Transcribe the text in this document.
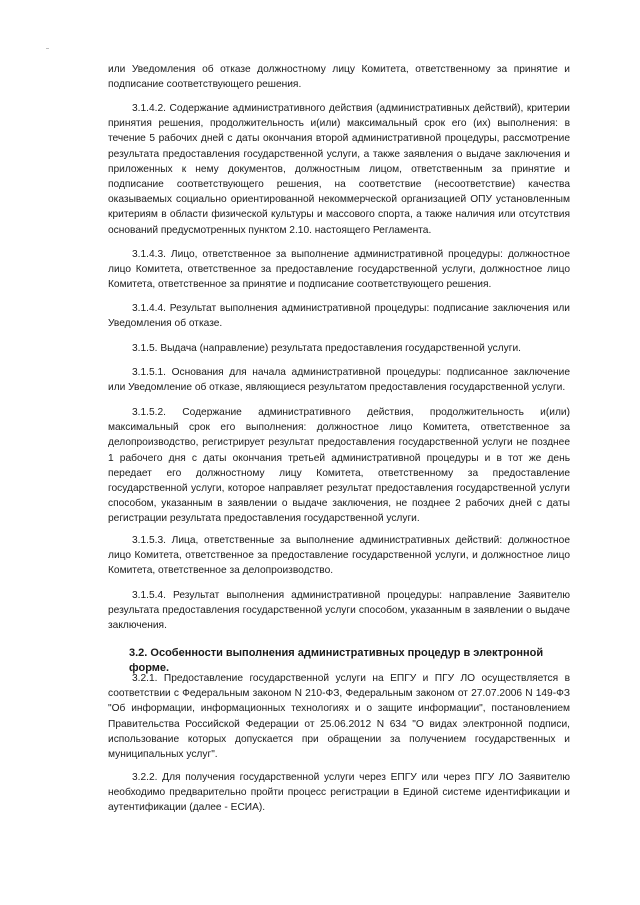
или Уведомления об отказе должностному лицу Комитета, ответственному за принятие и подписание соответствующего решения.

3.1.4.2. Содержание административного действия (административных действий), критерии принятия решения, продолжительность и(или) максимальный срок его (их) выполнения: в течение 5 рабочих дней с даты окончания второй административной процедуры, рассмотрение результата предоставления государственной услуги, а также заявления о выдаче заключения и приложенных к нему документов, должностным лицом, ответственным за принятие и подписание соответствующего решения, на соответствие (несоответствие) качества оказываемых социально ориентированной некоммерческой организацией ОПУ установленным критериям в области физической культуры и массового спорта, а также наличия или отсутствия оснований предусмотренных пунктом 2.10. настоящего Регламента.

3.1.4.3. Лицо, ответственное за выполнение административной процедуры: должностное лицо Комитета, ответственное за предоставление государственной услуги, должностное лицо Комитета, ответственное за принятие и подписание соответствующего решения.

3.1.4.4. Результат выполнения административной процедуры: подписание заключения или Уведомления об отказе.

3.1.5. Выдача (направление) результата предоставления государственной услуги.

3.1.5.1. Основания для начала административной процедуры: подписанное заключение или Уведомление об отказе, являющиеся результатом предоставления государственной услуги.

3.1.5.2. Содержание административного действия, продолжительность и(или) максимальный срок его выполнения: должностное лицо Комитета, ответственное за делопроизводство, регистрирует результат предоставления государственной услуги не позднее 1 рабочего дня с даты окончания третьей административной процедуры и в тот же день передает его должностному лицу Комитета, ответственному за предоставление государственной услуги, которое направляет результат предоставления государственной услуги способом, указанным в заявлении о выдаче заключения, не позднее 2 рабочих дней с даты регистрации результата предоставления государственной услуги.

3.1.5.3. Лица, ответственные за выполнение административных действий: должностное лицо Комитета, ответственное за предоставление государственной услуги, и должностное лицо Комитета, ответственное за делопроизводство.

3.1.5.4. Результат выполнения административной процедуры: направление Заявителю результата предоставления государственной услуги способом, указанным в заявлении о выдаче заключения.

3.2. Особенности выполнения административных процедур в электронной форме.

3.2.1. Предоставление государственной услуги на ЕПГУ и ПГУ ЛО осуществляется в соответствии с Федеральным законом N 210-ФЗ, Федеральным законом от 27.07.2006 N 149-ФЗ "Об информации, информационных технологиях и о защите информации", постановлением Правительства Российской Федерации от 25.06.2012 N 634 "О видах электронной подписи, использование которых допускается при обращении за получением государственных и муниципальных услуг".

3.2.2. Для получения государственной услуги через ЕПГУ или через ПГУ ЛО Заявителю необходимо предварительно пройти процесс регистрации в Единой системе идентификации и аутентификации (далее - ЕСИА).
